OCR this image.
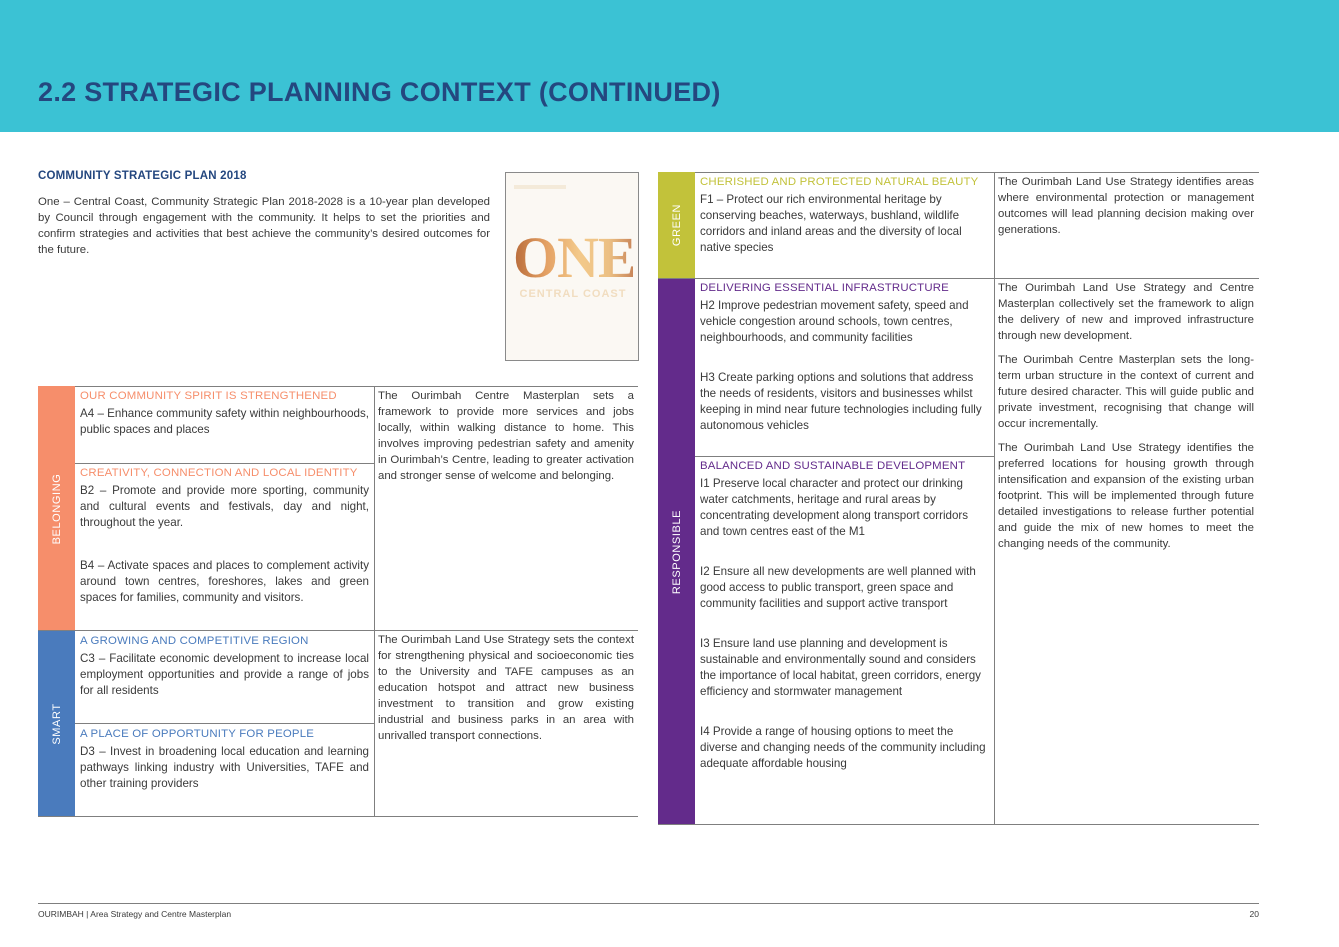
2.2 STRATEGIC PLANNING CONTEXT (CONTINUED)
COMMUNITY STRATEGIC PLAN 2018
One – Central Coast, Community Strategic Plan 2018-2028 is a 10-year plan developed by Council through engagement with the community. It helps to set the priorities and confirm strategies and activities that best achieve the community’s desired outcomes for the future.	ONE
CENTRAL COAST
BELONGING
OUR COMMUNITY SPIRIT IS STRENGTHENED

A4 – Enhance community safety within neighbourhoods, public spaces and places

CREATIVITY, CONNECTION AND LOCAL IDENTITY

B2 – Promote and provide more sporting, community and cultural events and festivals, day and night, throughout the year.

B4 – Activate spaces and places to complement activity around town centres, foreshores, lakes and green spaces for families, community and visitors.

The Ourimbah Centre Masterplan sets a framework to provide more services and jobs locally, within walking distance to home. This involves improving pedestrian safety and amenity in Ourimbah’s Centre, leading to greater activation and stronger sense of welcome and belonging.

SMART
A GROWING AND COMPETITIVE REGION

C3 – Facilitate economic development to increase local employment opportunities and provide a range of jobs for all residents

A PLACE OF OPPORTUNITY FOR PEOPLE

D3 – Invest in broadening local education and learning pathways linking industry with Universities, TAFE and other training providers

The Ourimbah Land Use Strategy sets the context for strengthening physical and socioeconomic ties to the University and TAFE campuses as an education hotspot and attract new business investment to transition and grow existing industrial and business parks in an area with unrivalled transport connections.

GREEN
CHERISHED AND PROTECTED NATURAL BEAUTY

F1 – Protect our rich environmental heritage by conserving beaches, waterways, bushland, wildlife corridors and inland areas and the diversity of local native species

The Ourimbah Land Use Strategy identifies areas where environmental protection or management outcomes will lead planning decision making over generations.

RESPONSIBLE
DELIVERING ESSENTIAL INFRASTRUCTURE

H2 Improve pedestrian movement safety, speed and vehicle congestion around schools, town centres, neighbourhoods, and community facilities

H3 Create parking options and solutions that address the needs of residents, visitors and businesses whilst keeping in mind near future technologies including fully autonomous vehicles

BALANCED AND SUSTAINABLE DEVELOPMENT

I1 Preserve local character and protect our drinking water catchments, heritage and rural areas by concentrating development along transport corridors and town centres east of the M1

I2 Ensure all new developments are well planned with good access to public transport, green space and community facilities and support active transport

I3 Ensure land use planning and development is sustainable and environmentally sound and considers the importance of local habitat, green corridors, energy efficiency and stormwater management

I4 Provide a range of housing options to meet the diverse and changing needs of the community including adequate affordable housing

The Ourimbah Land Use Strategy and Centre Masterplan collectively set the framework to align the delivery of new and improved infrastructure through new development.

The Ourimbah Centre Masterplan sets the long-term urban structure in the context of current and future desired character. This will guide public and private investment, recognising that change will occur incrementally.

The Ourimbah Land Use Strategy identifies the preferred locations for housing growth through intensification and expansion of the existing urban footprint. This will be implemented through future detailed investigations to release further potential and guide the mix of new homes to meet the changing needs of the community.

OURIMBAH | Area Strategy and Centre Masterplan	20
